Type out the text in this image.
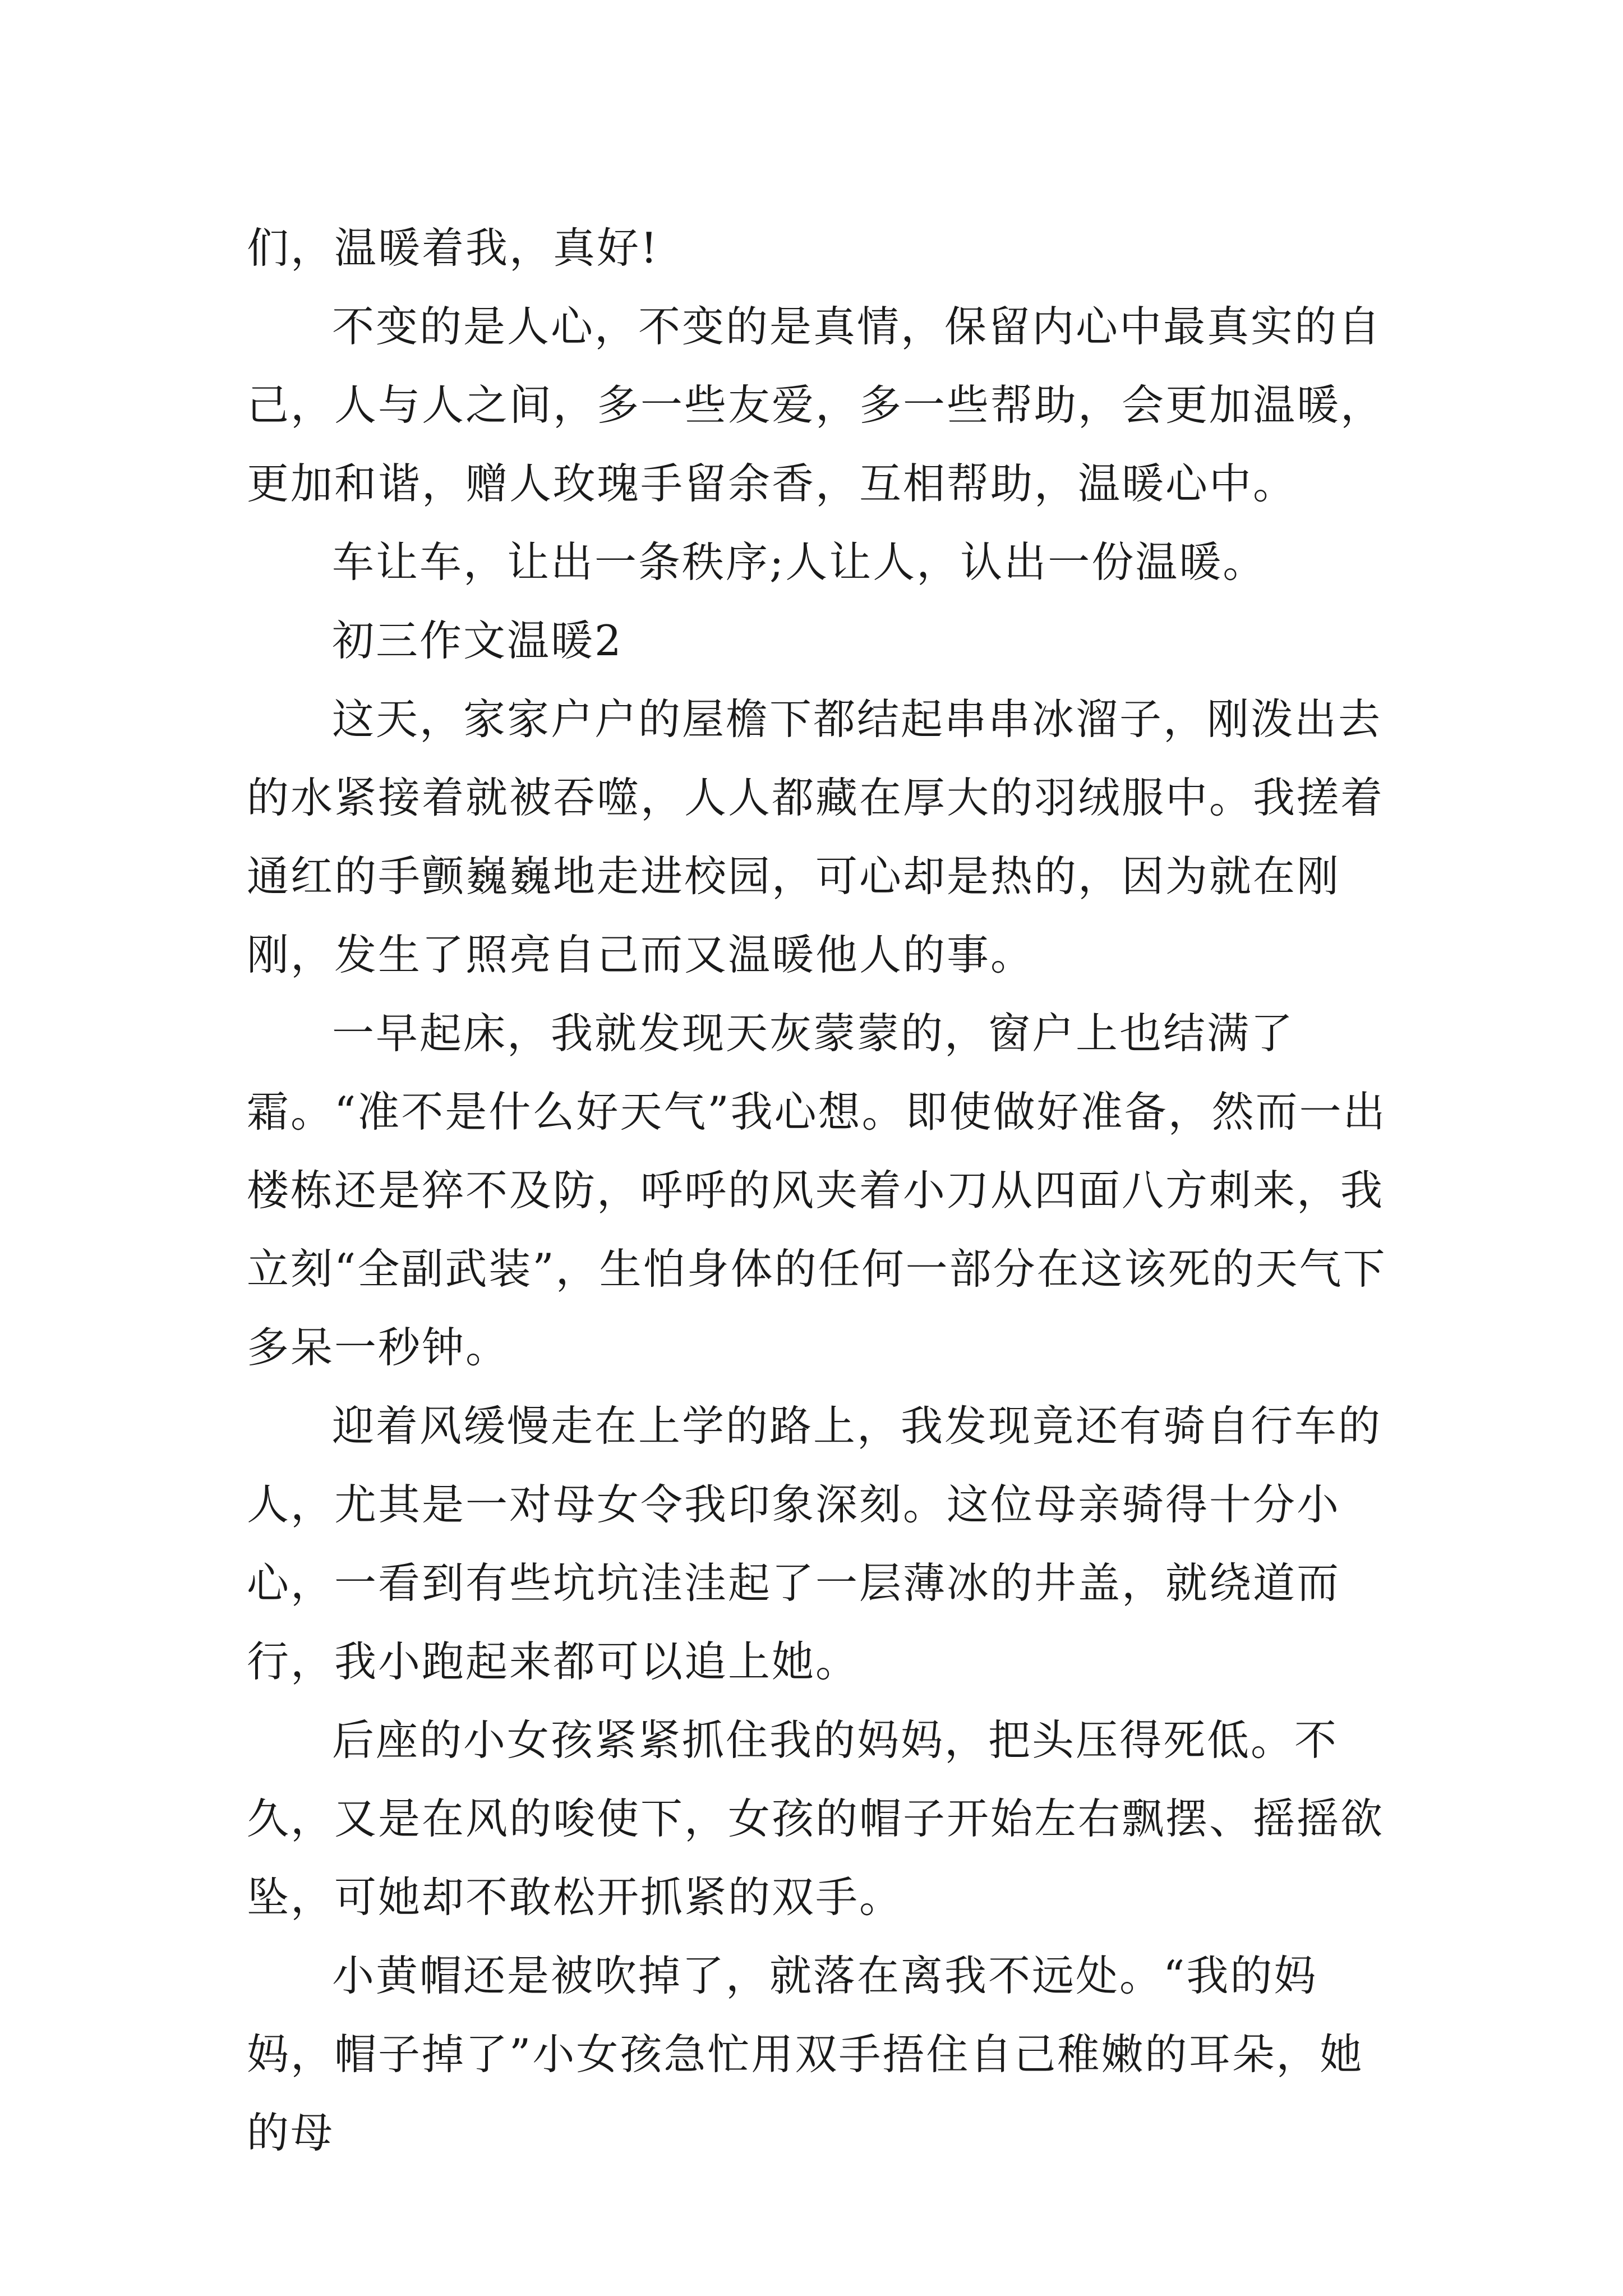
们，温暖着我，真好!

不变的是人心，不变的是真情，保留内心中最真实的自己，人与人之间，多一些友爱，多一些帮助，会更加温暖，更加和谐，赠人玫瑰手留余香，互相帮助，温暖心中。

车让车，让出一条秩序;人让人，认出一份温暖。

初三作文温暖2

这天，家家户户的屋檐下都结起串串冰溜子，刚泼出去的水紧接着就被吞噬，人人都藏在厚大的羽绒服中。我搓着通红的手颤巍巍地走进校园，可心却是热的，因为就在刚刚，发生了照亮自己而又温暖他人的事。

一早起床，我就发现天灰蒙蒙的，窗户上也结满了霜。“准不是什么好天气”我心想。即使做好准备，然而一出楼栋还是猝不及防，呼呼的风夹着小刀从四面八方刺来，我立刻“全副武装”，生怕身体的任何一部分在这该死的天气下多呆一秒钟。

迎着风缓慢走在上学的路上，我发现竟还有骑自行车的人，尤其是一对母女令我印象深刻。这位母亲骑得十分小心，一看到有些坑坑洼洼起了一层薄冰的井盖，就绕道而行，我小跑起来都可以追上她。

后座的小女孩紧紧抓住我的妈妈，把头压得死低。不久，又是在风的唆使下，女孩的帽子开始左右飘摆、摇摇欲坠，可她却不敢松开抓紧的双手。

小黄帽还是被吹掉了，就落在离我不远处。“我的妈妈，帽子掉了”小女孩急忙用双手捂住自己稚嫩的耳朵，她的母
